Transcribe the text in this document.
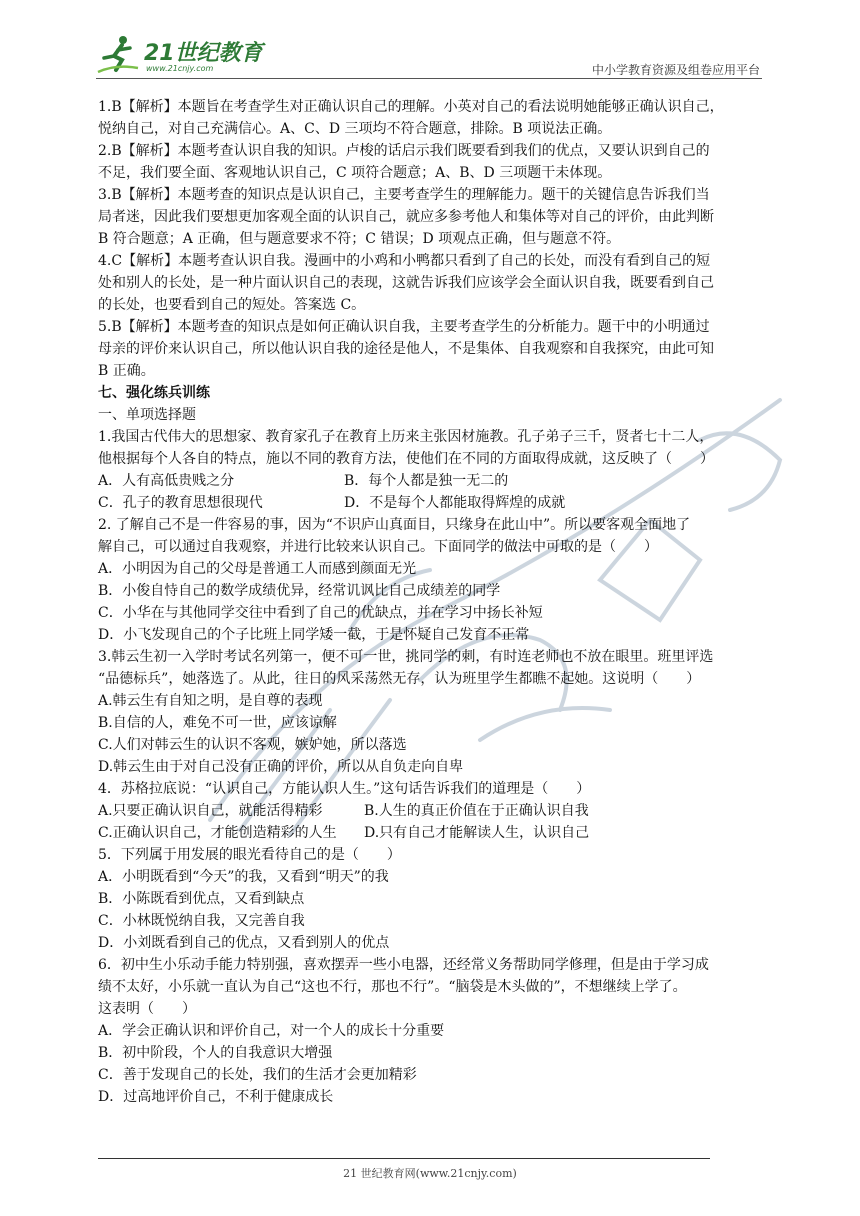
21世纪教育
www.21cnjy.com	中小学教育资源及组卷应用平台
1.B【解析】本题旨在考查学生对正确认识自己的理解。小英对自己的看法说明她能够正确认识自己，
悦纳自己，对自己充满信心。A、C、D 三项均不符合题意，排除。B 项说法正确。
2.B【解析】本题考查认识自我的知识。卢梭的话启示我们既要看到我们的优点，又要认识到自己的
不足，我们要全面、客观地认识自己，C 项符合题意；A、B、D 三项题干未体现。
3.B【解析】本题考查的知识点是认识自己，主要考查学生的理解能力。题干的关键信息告诉我们当
局者迷，因此我们要想更加客观全面的认识自己，就应多参考他人和集体等对自己的评价，由此判断
B 符合题意；A 正确，但与题意要求不符；C 错误；D 项观点正确，但与题意不符。
4.C【解析】本题考查认识自我。漫画中的小鸡和小鸭都只看到了自己的长处，而没有看到自己的短
处和别人的长处，是一种片面认识自己的表现，这就告诉我们应该学会全面认识自我，既要看到自己
的长处，也要看到自己的短处。答案选 C。
5.B【解析】本题考查的知识点是如何正确认识自我，主要考查学生的分析能力。题干中的小明通过
母亲的评价来认识自己，所以他认识自我的途径是他人，不是集体、自我观察和自我探究，由此可知
B 正确。
七、强化练兵训练
一、单项选择题
1.我国古代伟大的思想家、教育家孔子在教育上历来主张因材施教。孔子弟子三千，贤者七十二人，
他根据每个人各自的特点，施以不同的教育方法，使他们在不同的方面取得成就，这反映了（　　）
A．人有高低贵贱之分	B．每个人都是独一无二的
C．孔子的教育思想很现代	D．不是每个人都能取得辉煌的成就
2. 了解自己不是一件容易的事，因为“不识庐山真面目，只缘身在此山中”。所以要客观全面地了
解自己，可以通过自我观察，并进行比较来认识自己。下面同学的做法中可取的是（　　）
A．小明因为自己的父母是普通工人而感到颜面无光
B．小俊自恃自己的数学成绩优异，经常讥讽比自己成绩差的同学
C．小华在与其他同学交往中看到了自己的优缺点，并在学习中扬长补短
D．小飞发现自己的个子比班上同学矮一截，于是怀疑自己发育不正常
3.韩云生初一入学时考试名列第一，便不可一世，挑同学的刺，有时连老师也不放在眼里。班里评选
“品德标兵”，她落选了。从此，往日的风采荡然无存，认为班里学生都瞧不起她。这说明（　　）
A.韩云生有自知之明，是自尊的表现
B.自信的人，难免不可一世，应该谅解
C.人们对韩云生的认识不客观，嫉妒她，所以落选
D.韩云生由于对自己没有正确的评价，所以从自负走向自卑
4．苏格拉底说：“认识自己，方能认识人生。”这句话告诉我们的道理是（　　）
A.只要正确认识自己，就能活得精彩	B.人生的真正价值在于正确认识自我
C.正确认识自己，才能创造精彩的人生 D.只有自己才能解读人生，认识自己
5．下列属于用发展的眼光看待自己的是（　　）
A．小明既看到“今天”的我，又看到“明天”的我
B．小陈既看到优点，又看到缺点
C．小林既悦纳自我，又完善自我
D．小刘既看到自己的优点，又看到别人的优点
6．初中生小乐动手能力特别强，喜欢摆弄一些小电器，还经常义务帮助同学修理，但是由于学习成
绩不太好，小乐就一直认为自己“这也不行，那也不行”。“脑袋是木头做的”，不想继续上学了。
这表明（　　）
A．学会正确认识和评价自己，对一个人的成长十分重要
B．初中阶段，个人的自我意识大增强
C．善于发现自己的长处，我们的生活才会更加精彩
D．过高地评价自己，不利于健康成长
21 世纪教育网(www.21cnjy.com)
